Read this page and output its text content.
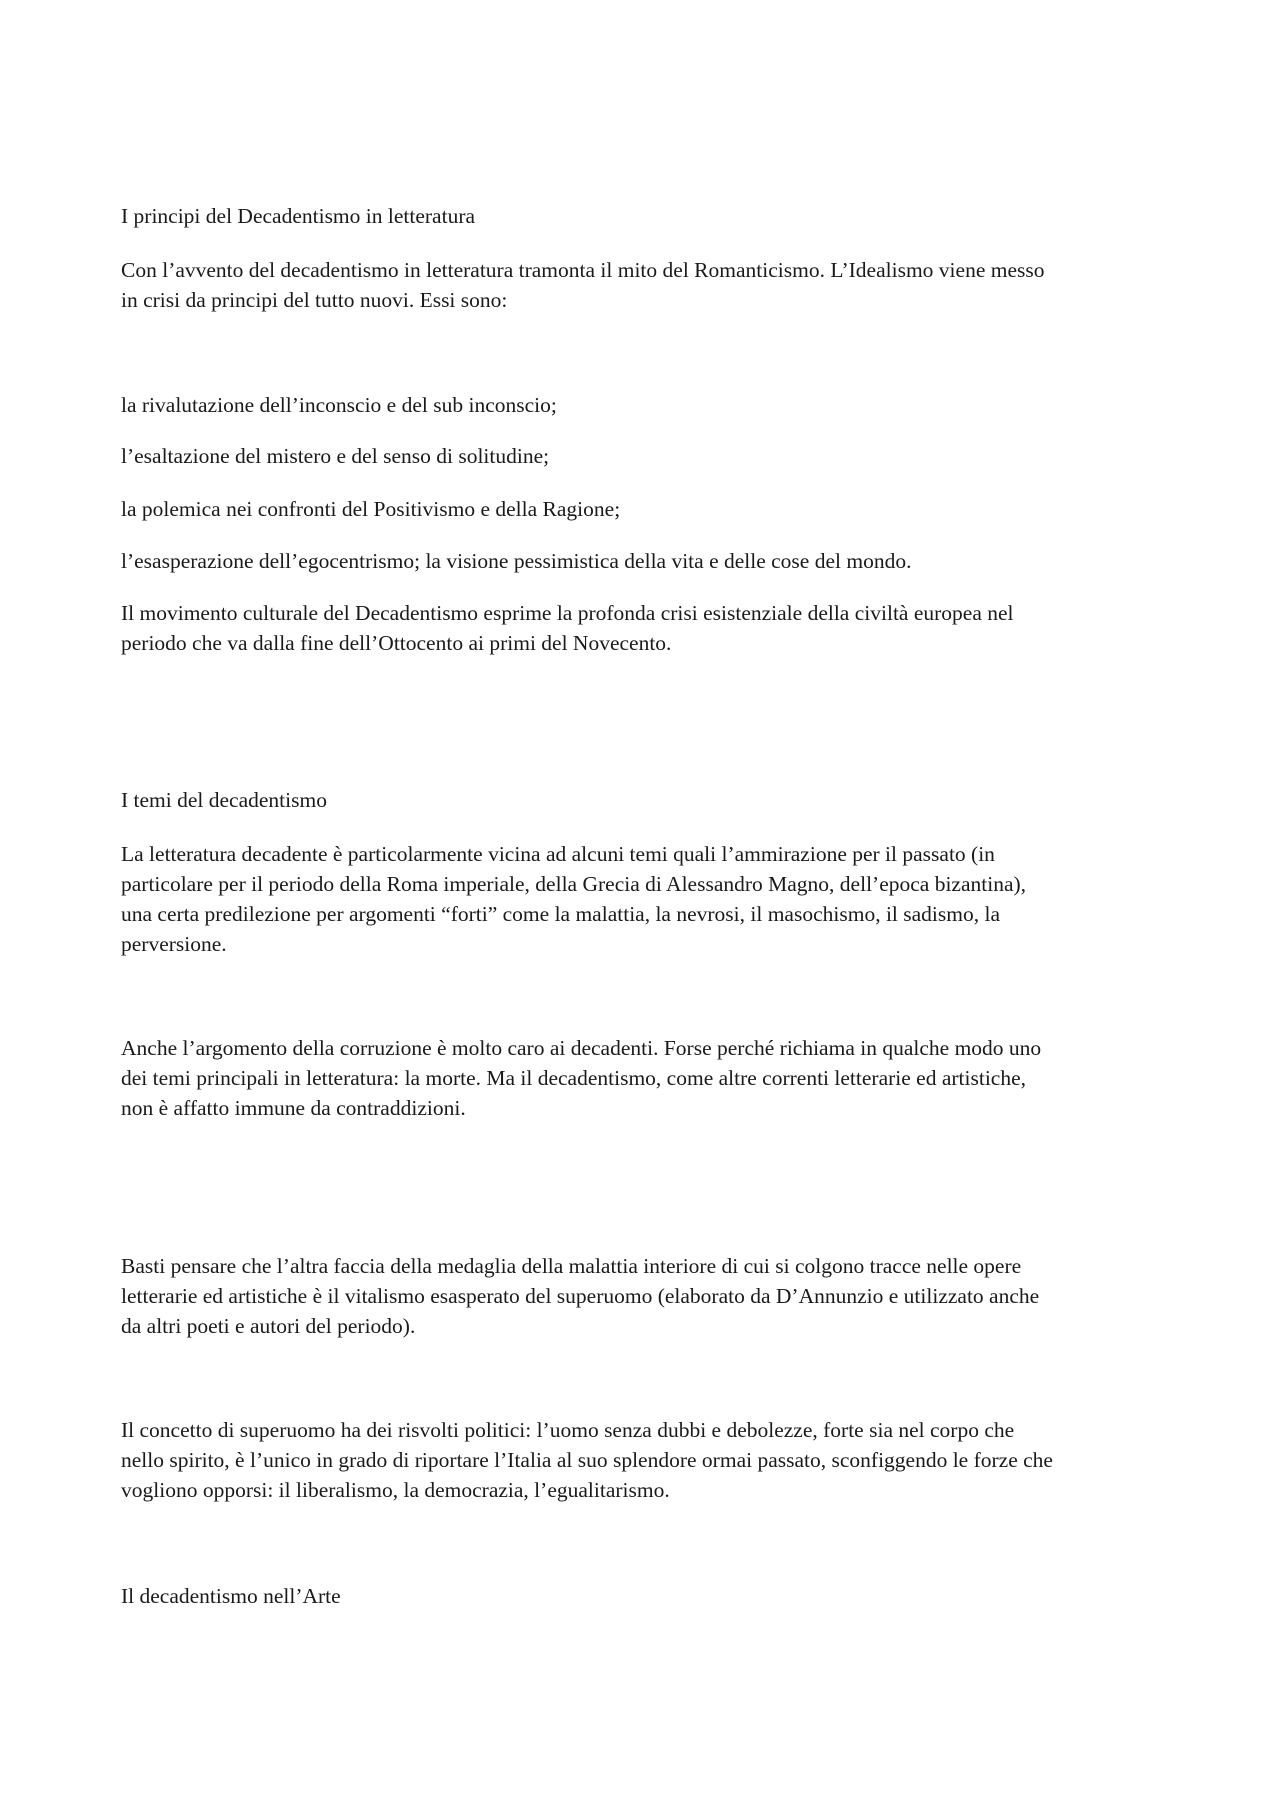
I principi del Decadentismo in letteratura

Con l’avvento del decadentismo in letteratura tramonta il mito del Romanticismo. L’Idealismo viene messo

in crisi da principi del tutto nuovi. Essi sono:

la rivalutazione dell’inconscio e del sub inconscio;

l’esaltazione del mistero e del senso di solitudine;

la polemica nei confronti del Positivismo e della Ragione;

l’esasperazione dell’egocentrismo; la visione pessimistica della vita e delle cose del mondo.

Il movimento culturale del Decadentismo esprime la profonda crisi esistenziale della civiltà europea nel

periodo che va dalla fine dell’Ottocento ai primi del Novecento.

I temi del decadentismo

La letteratura decadente è particolarmente vicina ad alcuni temi quali l’ammirazione per il passato (in

particolare per il periodo della Roma imperiale, della Grecia di Alessandro Magno, dell’epoca bizantina),

una certa predilezione per argomenti “forti” come la malattia, la nevrosi, il masochismo, il sadismo, la

perversione.

Anche l’argomento della corruzione è molto caro ai decadenti. Forse perché richiama in qualche modo uno

dei temi principali in letteratura: la morte. Ma il decadentismo, come altre correnti letterarie ed artistiche,

non è affatto immune da contraddizioni.

Basti pensare che l’altra faccia della medaglia della malattia interiore di cui si colgono tracce nelle opere

letterarie ed artistiche è il vitalismo esasperato del superuomo (elaborato da D’Annunzio e utilizzato anche

da altri poeti e autori del periodo).

Il concetto di superuomo ha dei risvolti politici: l’uomo senza dubbi e debolezze, forte sia nel corpo che

nello spirito, è l’unico in grado di riportare l’Italia al suo splendore ormai passato, sconfiggendo le forze che

vogliono opporsi: il liberalismo, la democrazia, l’egualitarismo.

Il decadentismo nell’Arte
